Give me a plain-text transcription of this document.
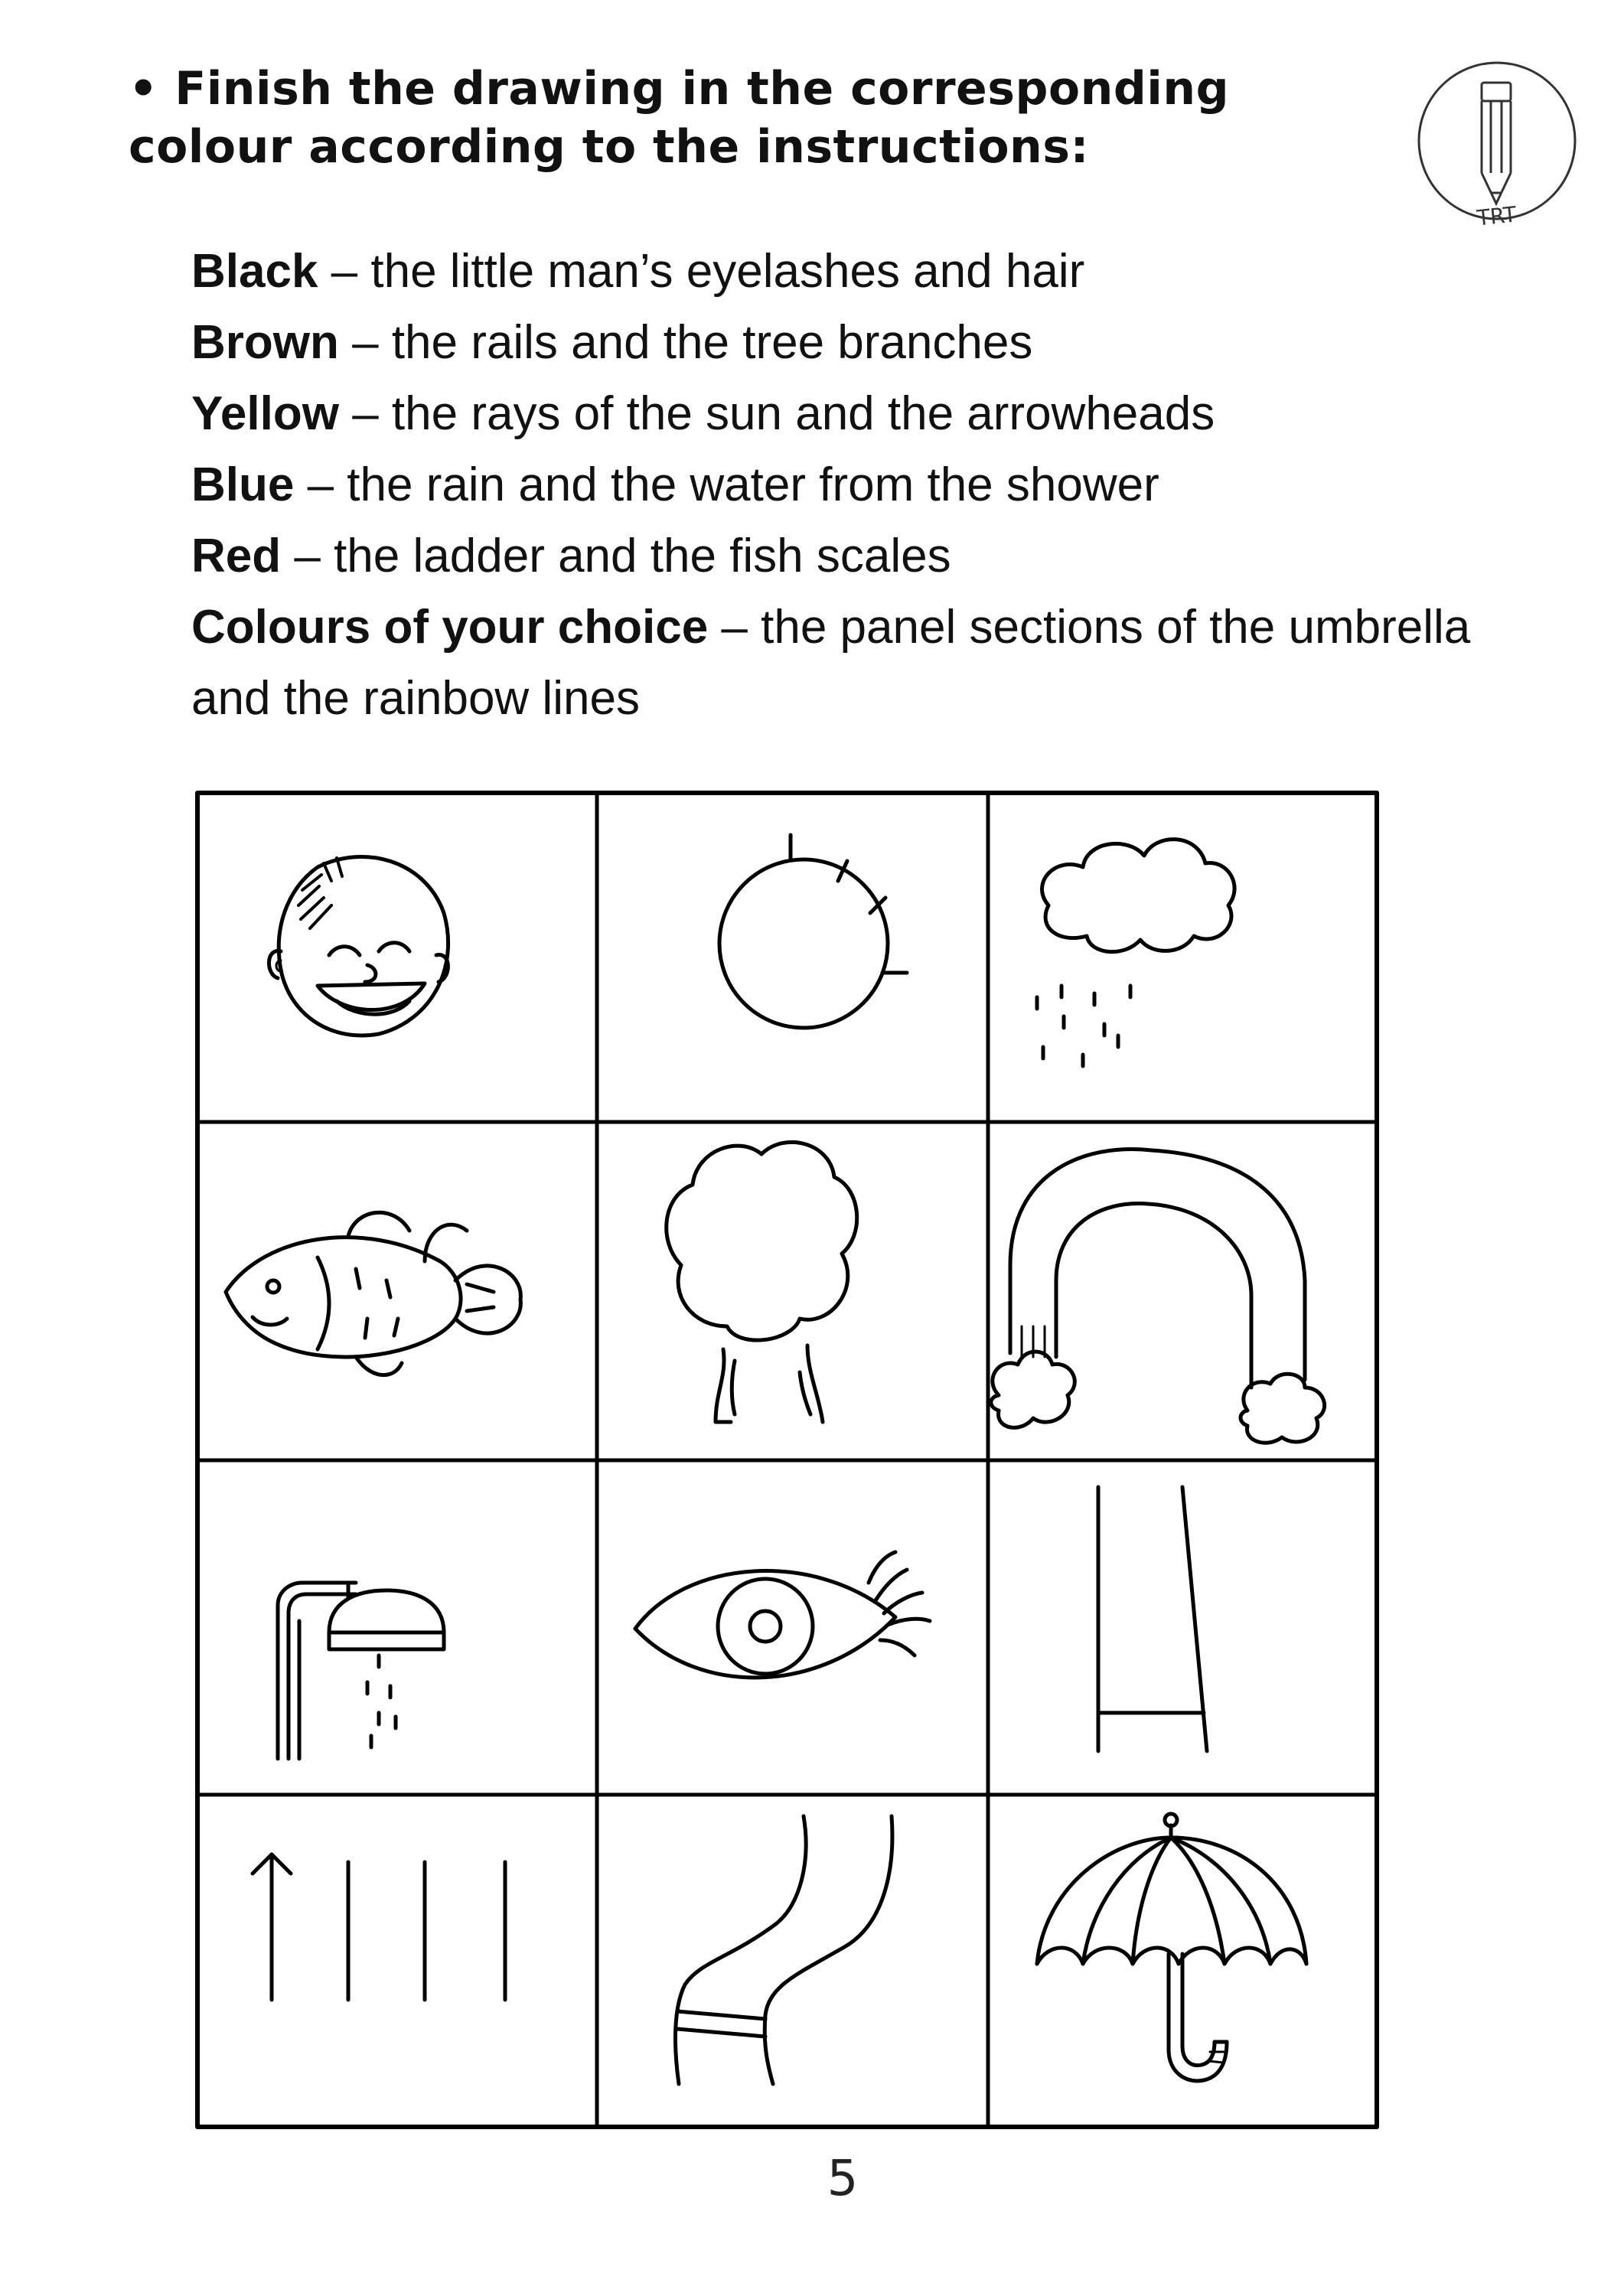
• Finish the drawing in the corresponding colour according to the instructions:
TRT
Black – the little man’s eyelashes and hair
Brown – the rails and the tree branches
Yellow – the rays of the sun and the arrowheads
Blue – the rain and the water from the shower
Red – the ladder and the fish scales
Colours of your choice – the panel sections of the umbrella and the rainbow lines
5
